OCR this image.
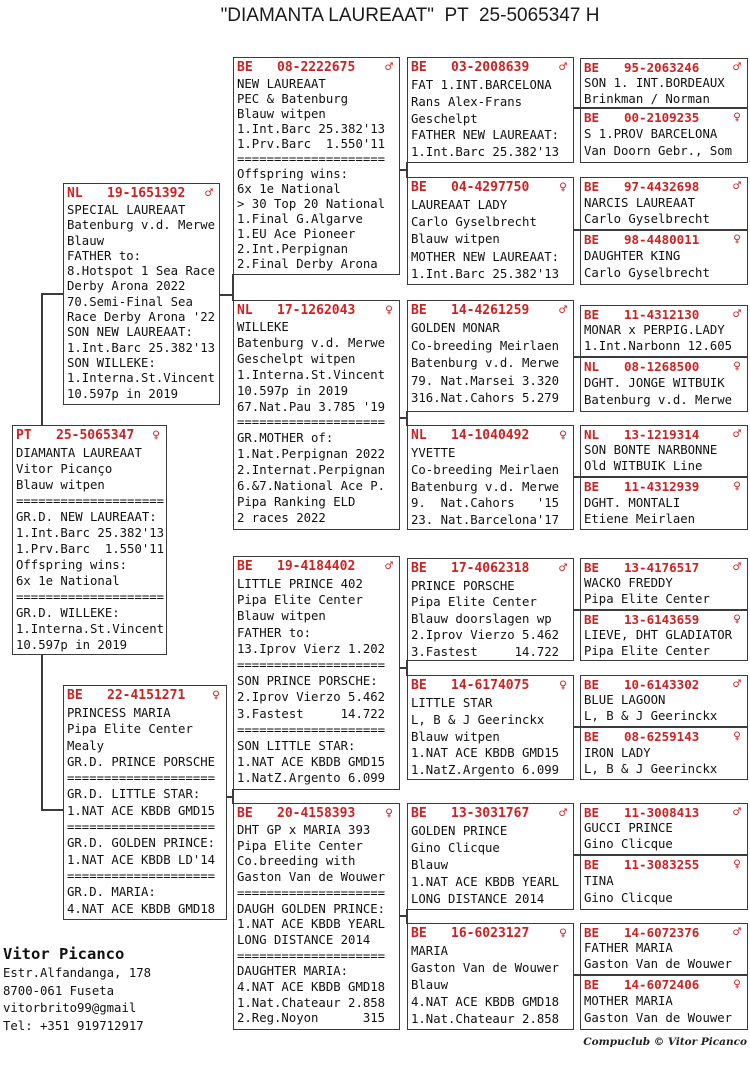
"DIAMANTA LAUREAAT"  PT  25-5065347 H
PT 25-5065347 ♀
DIAMANTA LAUREAAT
Vitor Picanço
Blauw witpen
====================
GR.D. NEW LAUREAAT:
1.Int.Barc 25.382'13
1.Prv.Barc  1.550'11
Offspring wins:
6x 1e National
====================
GR.D. WILLEKE:
1.Interna.St.Vincent
10.597p in 2019
NL 19-1651392 ♂
SPECIAL LAUREAAT
Batenburg v.d. Merwe
Blauw
FATHER to:
8.Hotspot 1 Sea Race
Derby Arona 2022
70.Semi-Final Sea
Race Derby Arona '22
SON NEW LAUREAAT:
1.Int.Barc 25.382'13
SON WILLEKE:
1.Interna.St.Vincent
10.597p in 2019
BE 22-4151271 ♀
PRINCESS MARIA
Pipa Elite Center
Mealy
GR.D. PRINCE PORSCHE
====================
GR.D. LITTLE STAR:
1.NAT ACE KBDB GMD15
====================
GR.D. GOLDEN PRINCE:
1.NAT ACE KBDB LD'14
====================
GR.D. MARIA:
4.NAT ACE KBDB GMD18
BE 08-2222675 ♂
NEW LAUREAAT
PEC & Batenburg
Blauw witpen
1.Int.Barc 25.382'13
1.Prv.Barc  1.550'11
====================
Offspring wins:
6x 1e National
> 30 Top 20 National
1.Final G.Algarve
1.EU Ace Pioneer
2.Int.Perpignan
2.Final Derby Arona
NL 17-1262043 ♀
WILLEKE
Batenburg v.d. Merwe
Geschelpt witpen
1.Interna.St.Vincent
10.597p in 2019
67.Nat.Pau 3.785 '19
====================
GR.MOTHER of:
1.Nat.Perpignan 2022
2.Internat.Perpignan
6.&7.National Ace P.
Pipa Ranking ELD
2 races 2022
BE 19-4184402 ♂
LITTLE PRINCE 402
Pipa Elite Center
Blauw witpen
FATHER to:
13.Iprov Vierz 1.202
====================
SON PRINCE PORSCHE:
2.Iprov Vierzo 5.462
3.Fastest     14.722
====================
SON LITTLE STAR:
1.NAT ACE KBDB GMD15
1.NatZ.Argento 6.099
BE 20-4158393 ♀
DHT GP x MARIA 393
Pipa Elite Center
Co.breeding with
Gaston Van de Wouwer
====================
DAUGH GOLDEN PRINCE:
1.NAT ACE KBDB YEARL
LONG DISTANCE 2014
====================
DAUGHTER MARIA:
4.NAT ACE KBDB GMD18
1.Nat.Chateaur 2.858
2.Reg.Noyon      315
BE 03-2008639 ♂
FAT 1.INT.BARCELONA
Rans Alex-Frans
Geschelpt
FATHER NEW LAUREAAT:
1.Int.Barc 25.382'13
BE 04-4297750 ♀
LAUREAAT LADY
Carlo Gyselbrecht
Blauw witpen
MOTHER NEW LAUREAAT:
1.Int.Barc 25.382'13
BE 14-4261259 ♂
GOLDEN MONAR
Co-breeding Meirlaen
Batenburg v.d. Merwe
79. Nat.Marsei 3.320
316.Nat.Cahors 5.279
NL 14-1040492 ♀
YVETTE
Co-breeding Meirlaen
Batenburg v.d. Merwe
9.  Nat.Cahors   '15
23. Nat.Barcelona'17
BE 17-4062318 ♂
PRINCE PORSCHE
Pipa Elite Center
Blauw doorslagen wp
2.Iprov Vierzo 5.462
3.Fastest     14.722
BE 14-6174075 ♀
LITTLE STAR
L, B & J Geerinckx
Blauw witpen
1.NAT ACE KBDB GMD15
1.NatZ.Argento 6.099
BE 13-3031767 ♂
GOLDEN PRINCE
Gino Clicque
Blauw
1.NAT ACE KBDB YEARL
LONG DISTANCE 2014
BE 16-6023127 ♀
MARIA
Gaston Van de Wouwer
Blauw
4.NAT ACE KBDB GMD18
1.Nat.Chateaur 2.858
BE 95-2063246	♂
SON 1. INT.BORDEAUX
Brinkman / Norman
BE 00-2109235	♀
S 1.PROV BARCELONA
Van Doorn Gebr., Som
BE 97-4432698	♂
NARCIS LAUREAAT
Carlo Gyselbrecht
BE 98-4480011	♀
DAUGHTER KING
Carlo Gyselbrecht
BE 11-4312130	♂
MONAR x PERPIG.LADY
1.Int.Narbonn 12.605
NL 08-1268500	♀
DGHT. JONGE WITBUIK
Batenburg v.d. Merwe
NL 13-1219314	♂
SON BONTE NARBONNE
Old WITBUIK Line
BE 11-4312939	♀
DGHT. MONTALI
Etiene Meirlaen
BE 13-4176517	♂
WACKO FREDDY
Pipa Elite Center
BE 13-6143659	♀
LIEVE, DHT GLADIATOR
Pipa Elite Center
BE 10-6143302	♂
BLUE LAGOON
L, B & J Geerinckx
BE 08-6259143	♀
IRON LADY
L, B & J Geerinckx
BE 11-3008413	♂
GUCCI PRINCE
Gino Clicque
BE 11-3083255	♀
TINA
Gino Clicque
BE 14-6072376	♂
FATHER MARIA
Gaston Van de Wouwer
BE 14-6072406	♀
MOTHER MARIA
Gaston Van de Wouwer
Vitor Picanco
Estr.Alfandanga, 178
8700-061 Fuseta
vitorbrito99@gmail
Tel: +351 919712917
Compuclub © Vitor Picanco
